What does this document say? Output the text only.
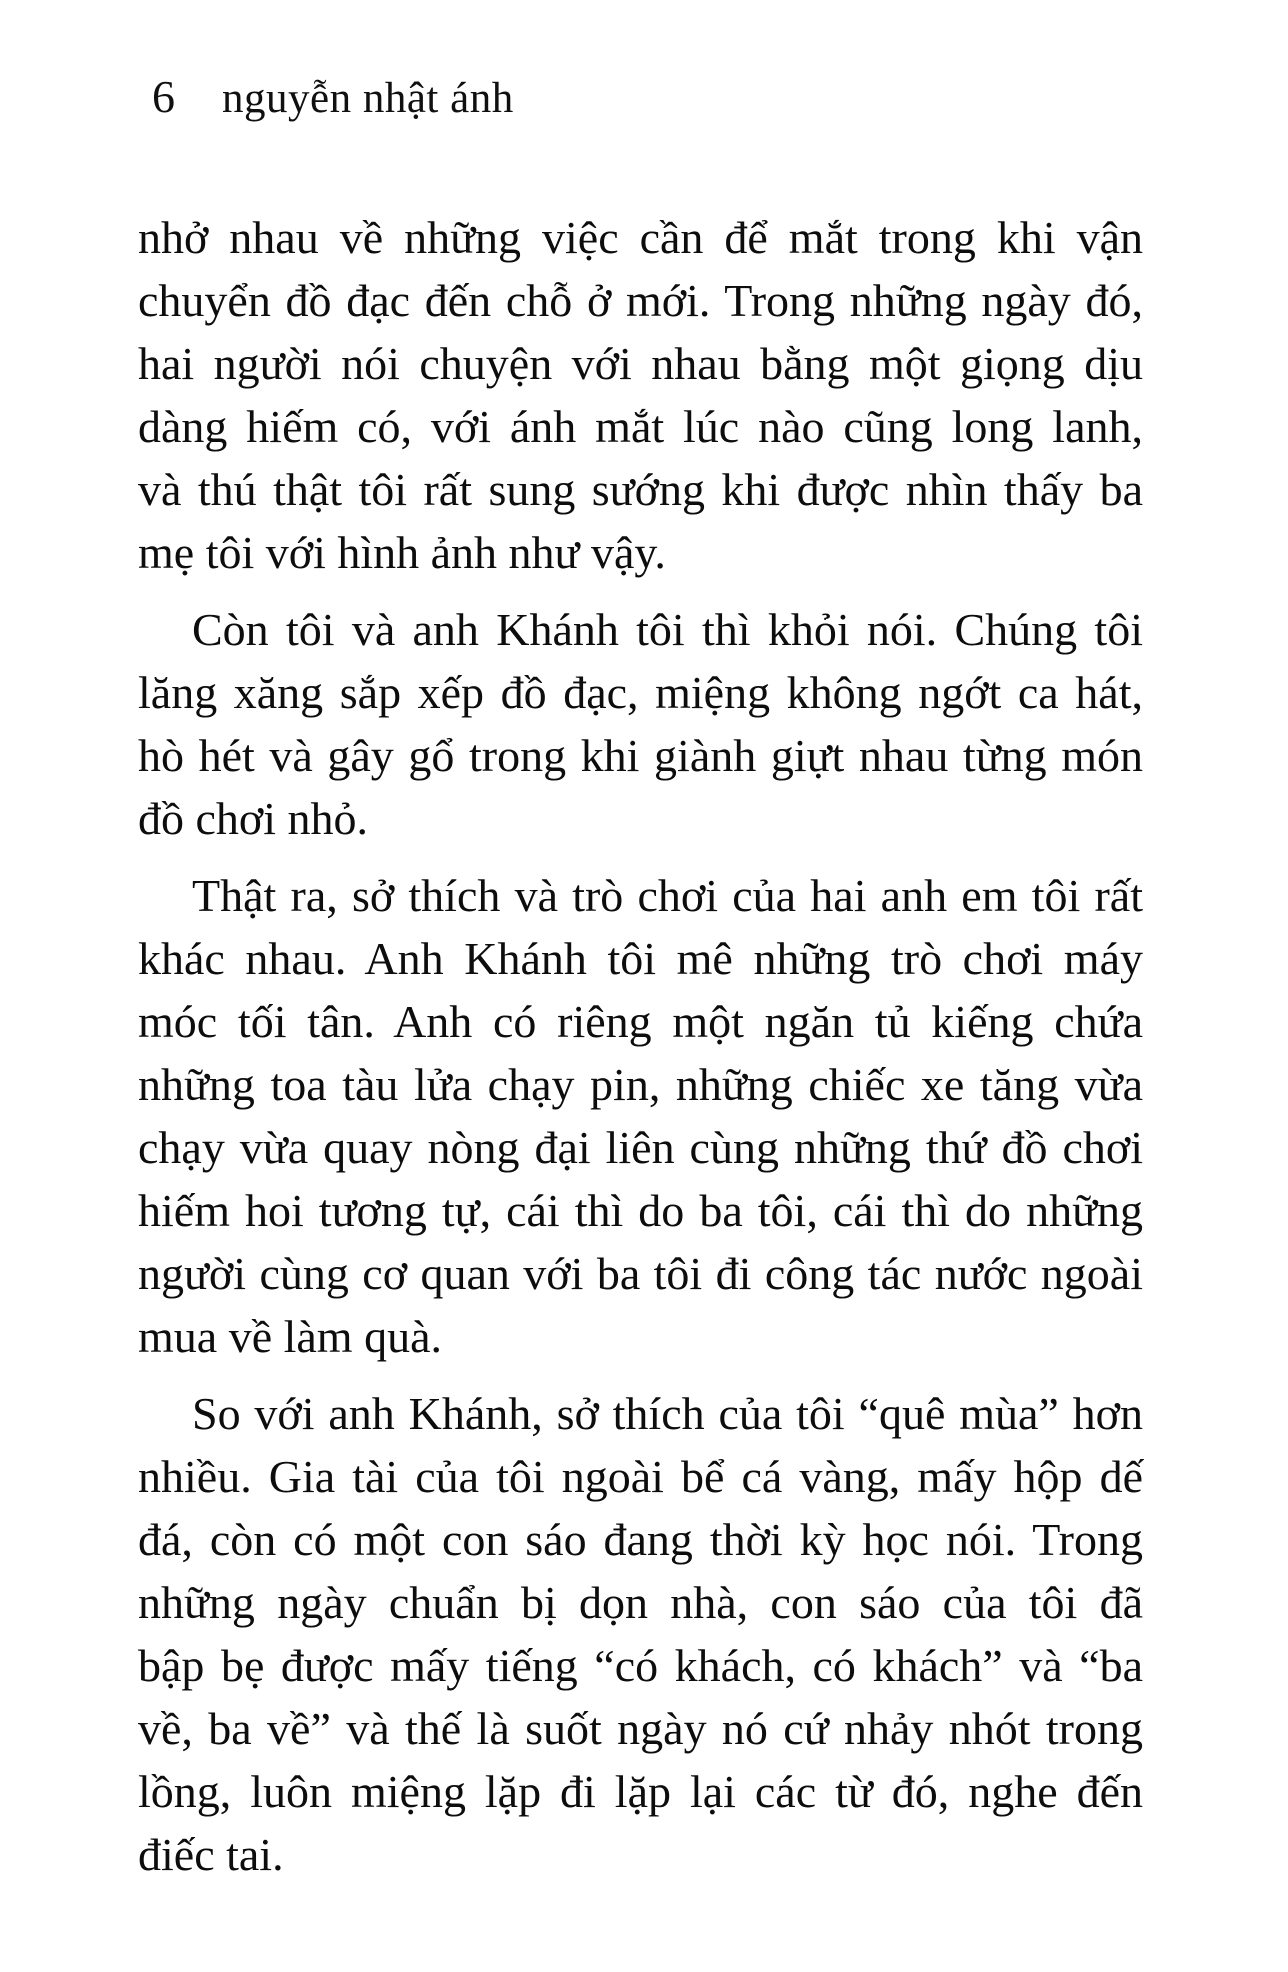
6 nguyễn nhật ánh
nhở nhau về những việc cần để mắt trong khi vận
chuyển đồ đạc đến chỗ ở mới. Trong những ngày đó,
hai người nói chuyện với nhau bằng một giọng dịu
dàng hiếm có, với ánh mắt lúc nào cũng long lanh,
và thú thật tôi rất sung sướng khi được nhìn thấy ba
mẹ tôi với hình ảnh như vậy.
Còn tôi và anh Khánh tôi thì khỏi nói. Chúng tôi
lăng xăng sắp xếp đồ đạc, miệng không ngớt ca hát,
hò hét và gây gổ trong khi giành giựt nhau từng món
đồ chơi nhỏ.
Thật ra, sở thích và trò chơi của hai anh em tôi rất
khác nhau. Anh Khánh tôi mê những trò chơi máy
móc tối tân. Anh có riêng một ngăn tủ kiếng chứa
những toa tàu lửa chạy pin, những chiếc xe tăng vừa
chạy vừa quay nòng đại liên cùng những thứ đồ chơi
hiếm hoi tương tự, cái thì do ba tôi, cái thì do những
người cùng cơ quan với ba tôi đi công tác nước ngoài
mua về làm quà.
So với anh Khánh, sở thích của tôi “quê mùa” hơn
nhiều. Gia tài của tôi ngoài bể cá vàng, mấy hộp dế
đá, còn có một con sáo đang thời kỳ học nói. Trong
những ngày chuẩn bị dọn nhà, con sáo của tôi đã
bập bẹ được mấy tiếng “có khách, có khách” và “ba
về, ba về” và thế là suốt ngày nó cứ nhảy nhót trong
lồng, luôn miệng lặp đi lặp lại các từ đó, nghe đến
điếc tai.
